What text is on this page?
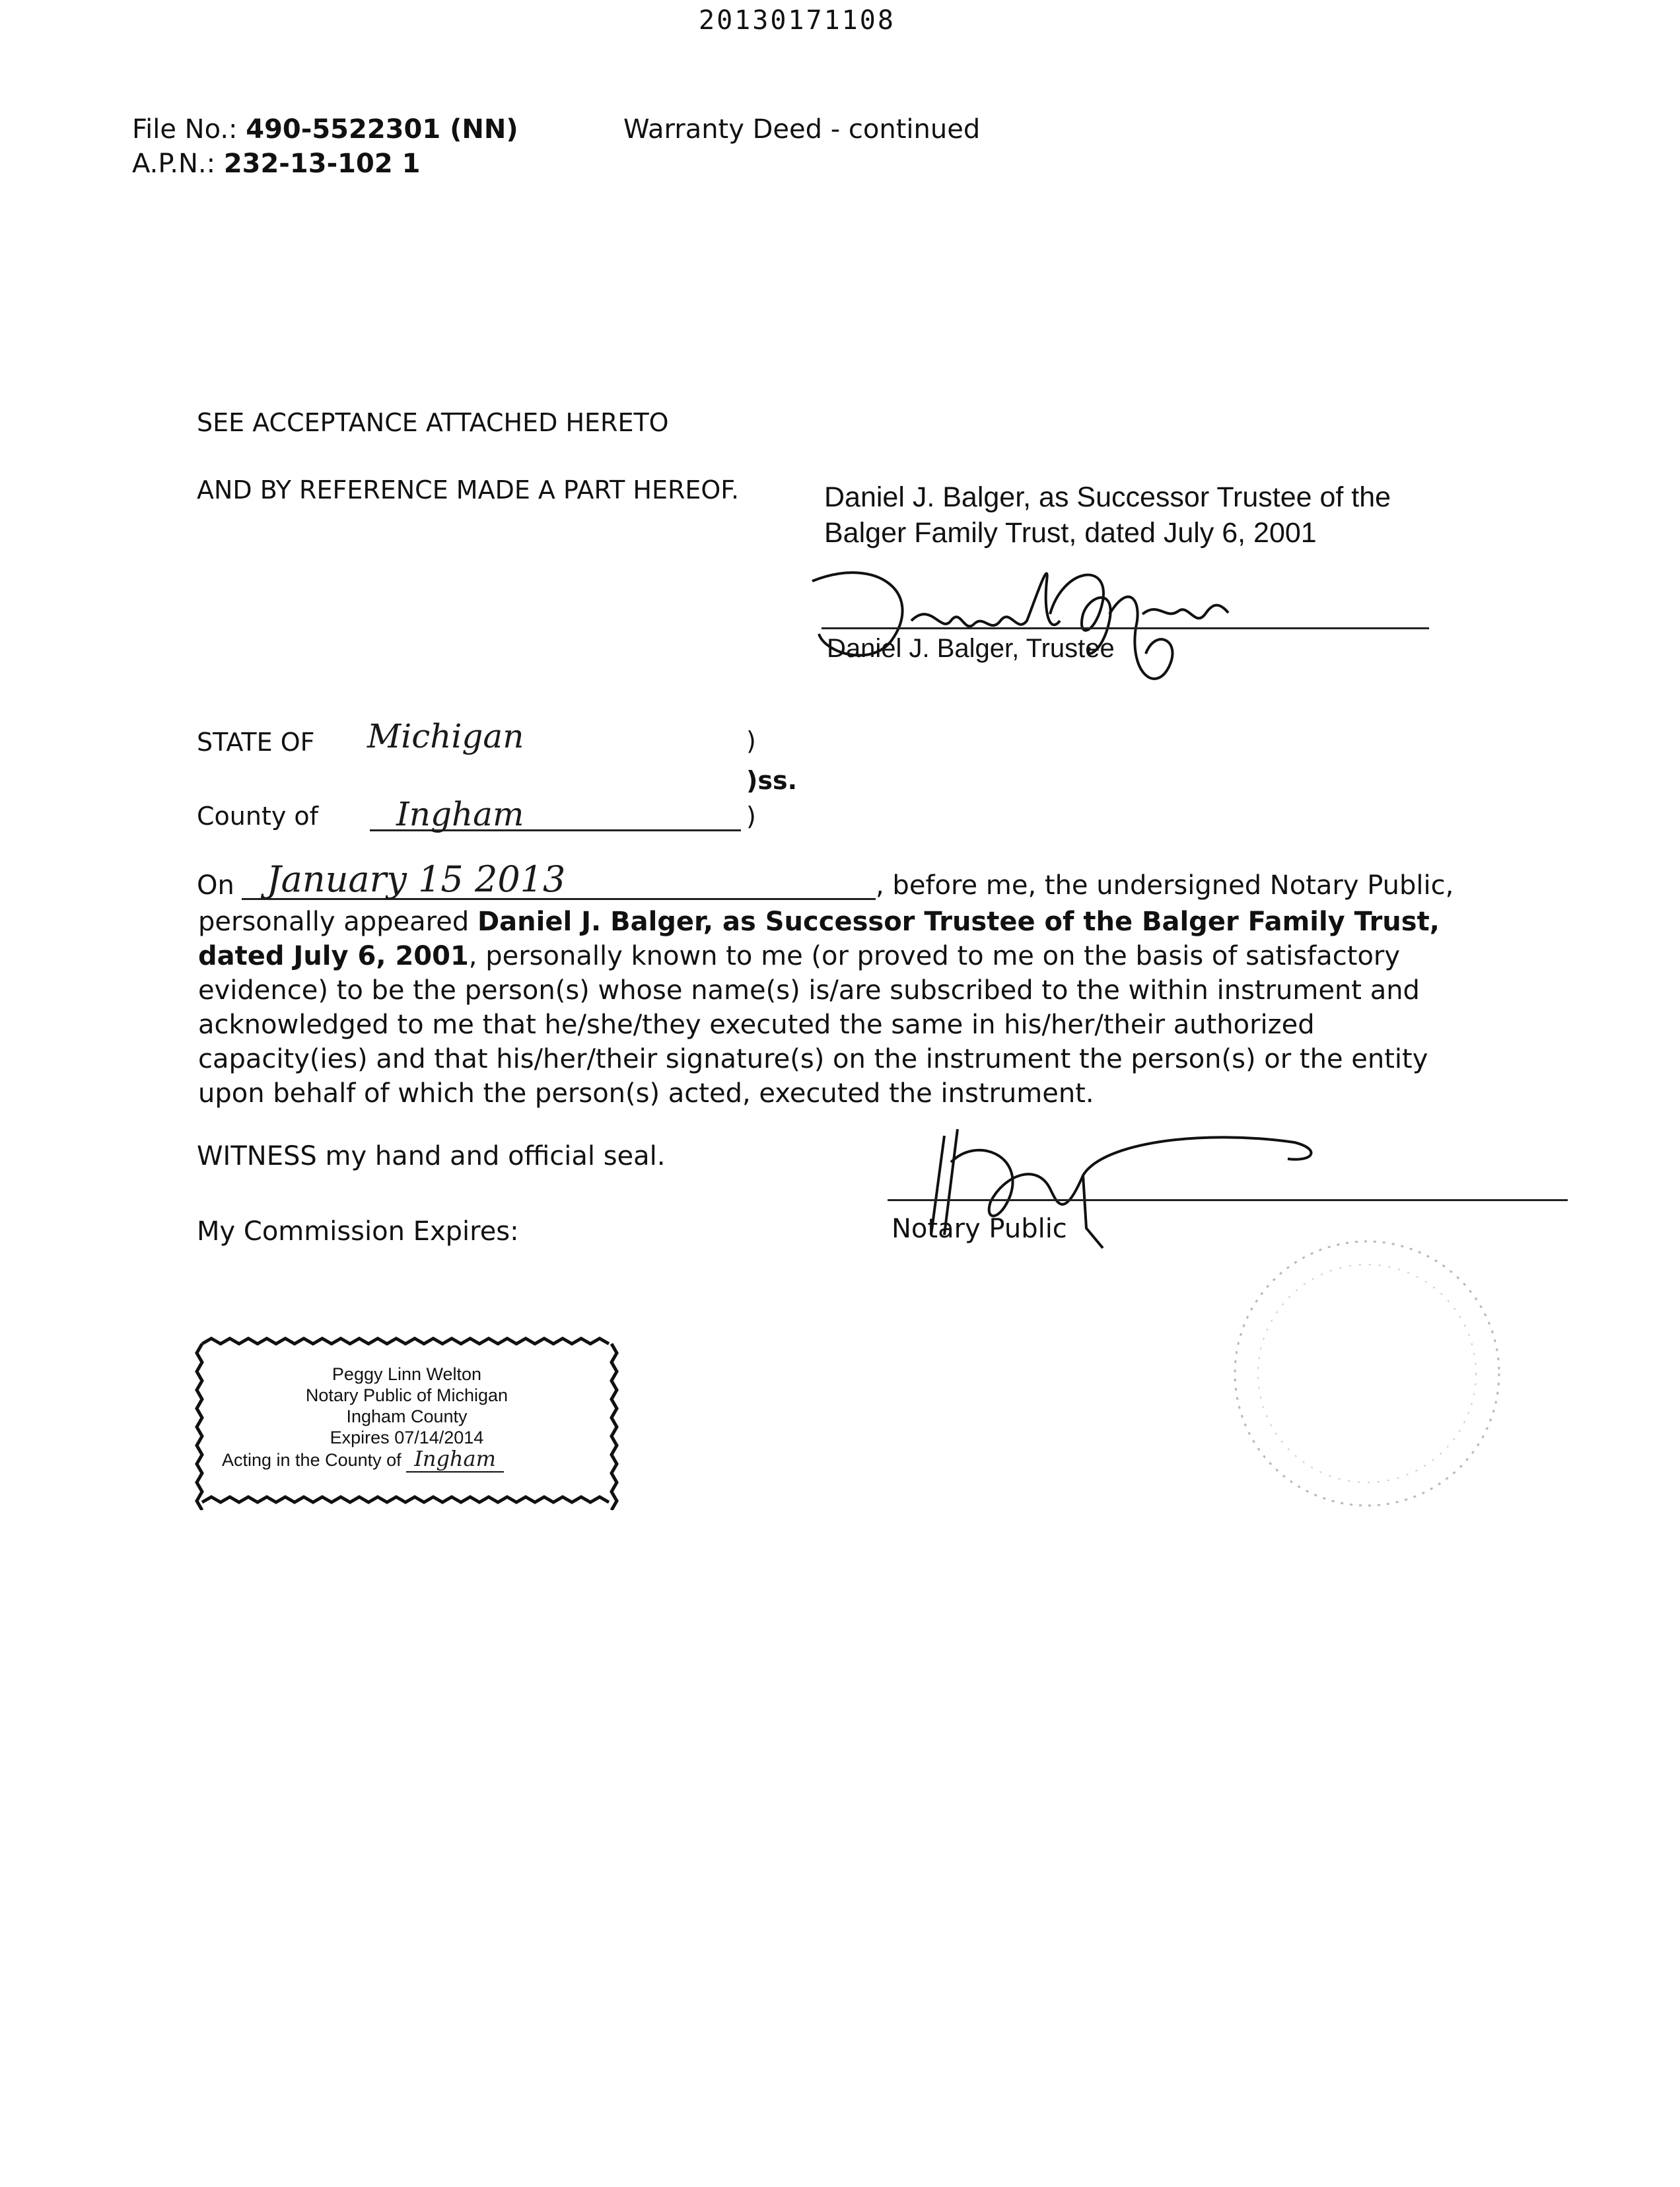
20130171108
File No.: 490-5522301 (NN)
A.P.N.: 232-13-102 1
Warranty Deed - continued
SEE ACCEPTANCE ATTACHED HERETO
AND BY REFERENCE MADE A PART HEREOF.	Daniel J. Balger, as Successor Trustee of the
Balger Family Trust, dated July 6, 2001
Daniel J. Balger, Trustee
STATE OF Michigan	)
)ss.
County of Ingham	)
On January 15 2013	, before me, the undersigned Notary Public,
personally appeared Daniel J. Balger, as Successor Trustee of the Balger Family Trust, dated July 6, 2001, personally known to me (or proved to me on the basis of satisfactory evidence) to be the person(s) whose name(s) is/are subscribed to the within instrument and acknowledged to me that he/she/they executed the same in his/her/their authorized capacity(ies) and that his/her/their signature(s) on the instrument the person(s) or the entity upon behalf of which the person(s) acted, executed the instrument.
WITNESS my hand and official seal.
My Commission Expires:	Notary Public
Peggy Linn Welton
Notary Public of Michigan
Ingham County
Expires 07/14/2014
Acting in the County of Ingham
